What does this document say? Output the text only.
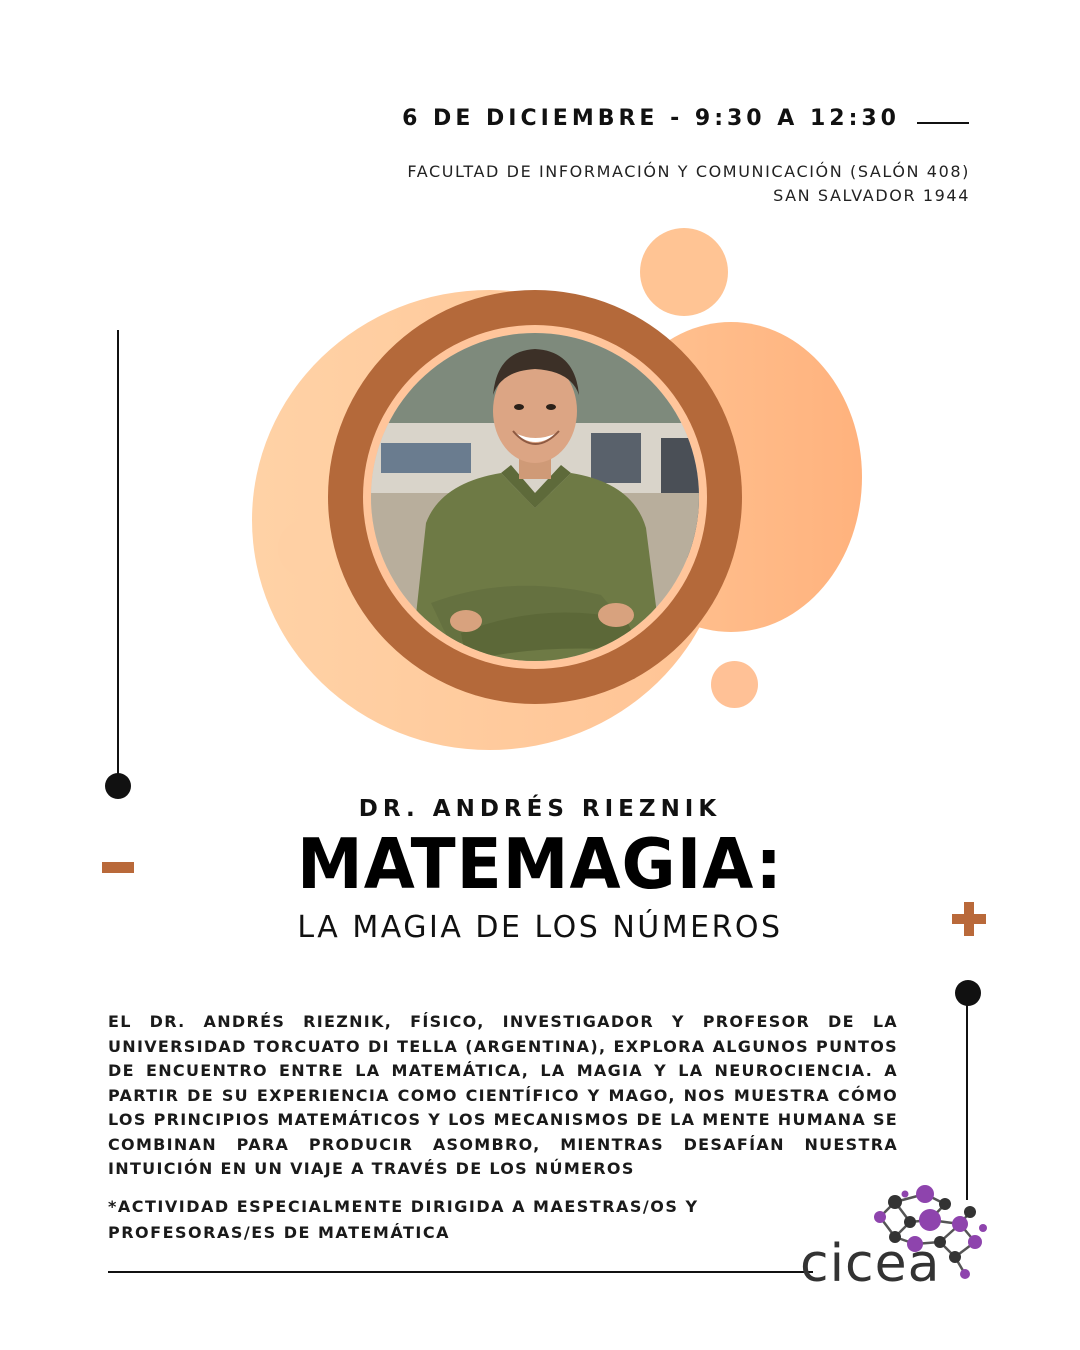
6 DE DICIEMBRE - 9:30 A 12:30
FACULTAD DE INFORMACIÓN Y COMUNICACIÓN (SALÓN 408)
SAN SALVADOR 1944
DR. ANDRÉS RIEZNIK
MATEMAGIA:
LA MAGIA DE LOS NÚMEROS
EL DR. ANDRÉS RIEZNIK, FÍSICO, INVESTIGADOR Y PROFESOR DE LA UNIVERSIDAD TORCUATO DI TELLA (ARGENTINA), EXPLORA ALGUNOS PUNTOS DE ENCUENTRO ENTRE LA MATEMÁTICA, LA MAGIA Y LA NEUROCIENCIA. A PARTIR DE SU EXPERIENCIA COMO CIENTÍFICO Y MAGO, NOS MUESTRA CÓMO LOS PRINCIPIOS MATEMÁTICOS Y LOS MECANISMOS DE LA MENTE HUMANA SE COMBINAN PARA PRODUCIR ASOMBRO, MIENTRAS DESAFÍAN NUESTRA INTUICIÓN EN UN VIAJE A TRAVÉS DE LOS NÚMEROS
*ACTIVIDAD ESPECIALMENTE DIRIGIDA A MAESTRAS/OS Y PROFESORAS/ES DE MATEMÁTICA
cicea
